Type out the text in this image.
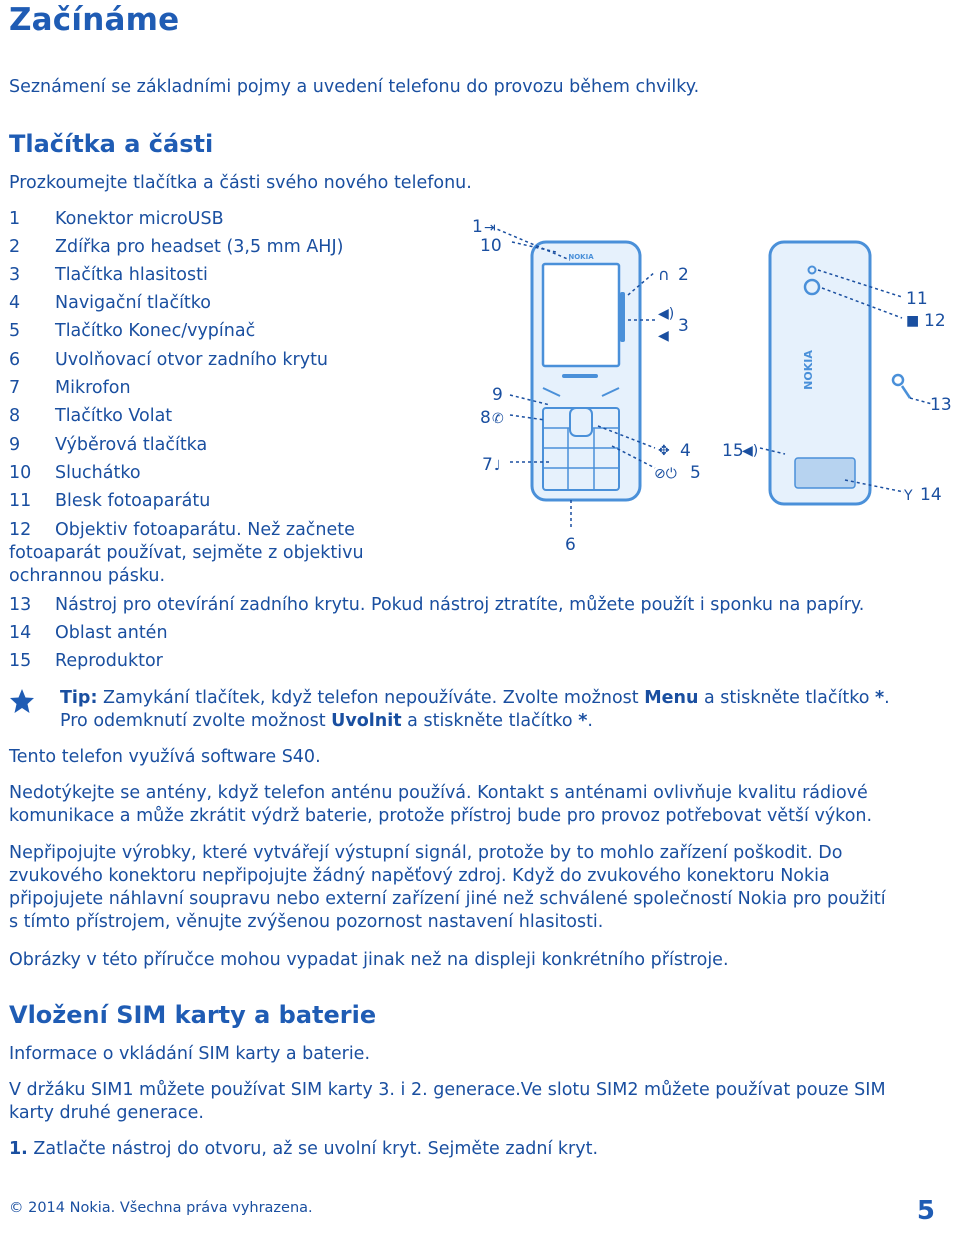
Začínáme
Seznámení se základními pojmy a uvedení telefonu do provozu během chvilky.
Tlačítka a části
Prozkoumejte tlačítka a části svého nového telefonu.
1 Konektor microUSB
2 Zdířka pro headset (3,5 mm AHJ)
3 Tlačítka hlasitosti
4 Navigační tlačítko
5 Tlačítko Konec/vypínač
6 Uvolňovací otvor zadního krytu
7 Mikrofon
8 Tlačítko Volat
9 Výběrová tlačítka
10 Sluchátko
11 Blesk fotoaparátu
12 Objektiv fotoaparátu. Než začnete
fotoaparát používat, sejměte z objektivu
ochrannou pásku.
13 Nástroj pro otevírání zadního krytu. Pokud nástroj ztratíte, můžete použít i sponku na papíry.
14 Oblast antén
15 Reproduktor
NOKIA
1 ⇥
10
∩ 2
◀)
◀ 3
9
8 ✆
7 ♩
✥ 4
⊘⏻ 5
6
NOKIA
11
■ 12
13
Y 14
15
◀)
Tip: Zamykání tlačítek, když telefon nepoužíváte. Zvolte možnost Menu a stiskněte tlačítko *.
Pro odemknutí zvolte možnost Uvolnit a stiskněte tlačítko *.
Tento telefon využívá software S40.
Nedotýkejte se antény, když telefon anténu používá. Kontakt s anténami ovlivňuje kvalitu rádiové
komunikace a může zkrátit výdrž baterie, protože přístroj bude pro provoz potřebovat větší výkon.
Nepřipojujte výrobky, které vytvářejí výstupní signál, protože by to mohlo zařízení poškodit. Do
zvukového konektoru nepřipojujte žádný napěťový zdroj. Když do zvukového konektoru Nokia
připojujete náhlavní soupravu nebo externí zařízení jiné než schválené společností Nokia pro použití
s tímto přístrojem, věnujte zvýšenou pozornost nastavení hlasitosti.
Obrázky v této příručce mohou vypadat jinak než na displeji konkrétního přístroje.
Vložení SIM karty a baterie
Informace o vkládání SIM karty a baterie.
V držáku SIM1 můžete používat SIM karty 3. i 2. generace.Ve slotu SIM2 můžete používat pouze SIM
karty druhé generace.
1. Zatlačte nástroj do otvoru, až se uvolní kryt. Sejměte zadní kryt.
© 2014 Nokia. Všechna práva vyhrazena.	5
